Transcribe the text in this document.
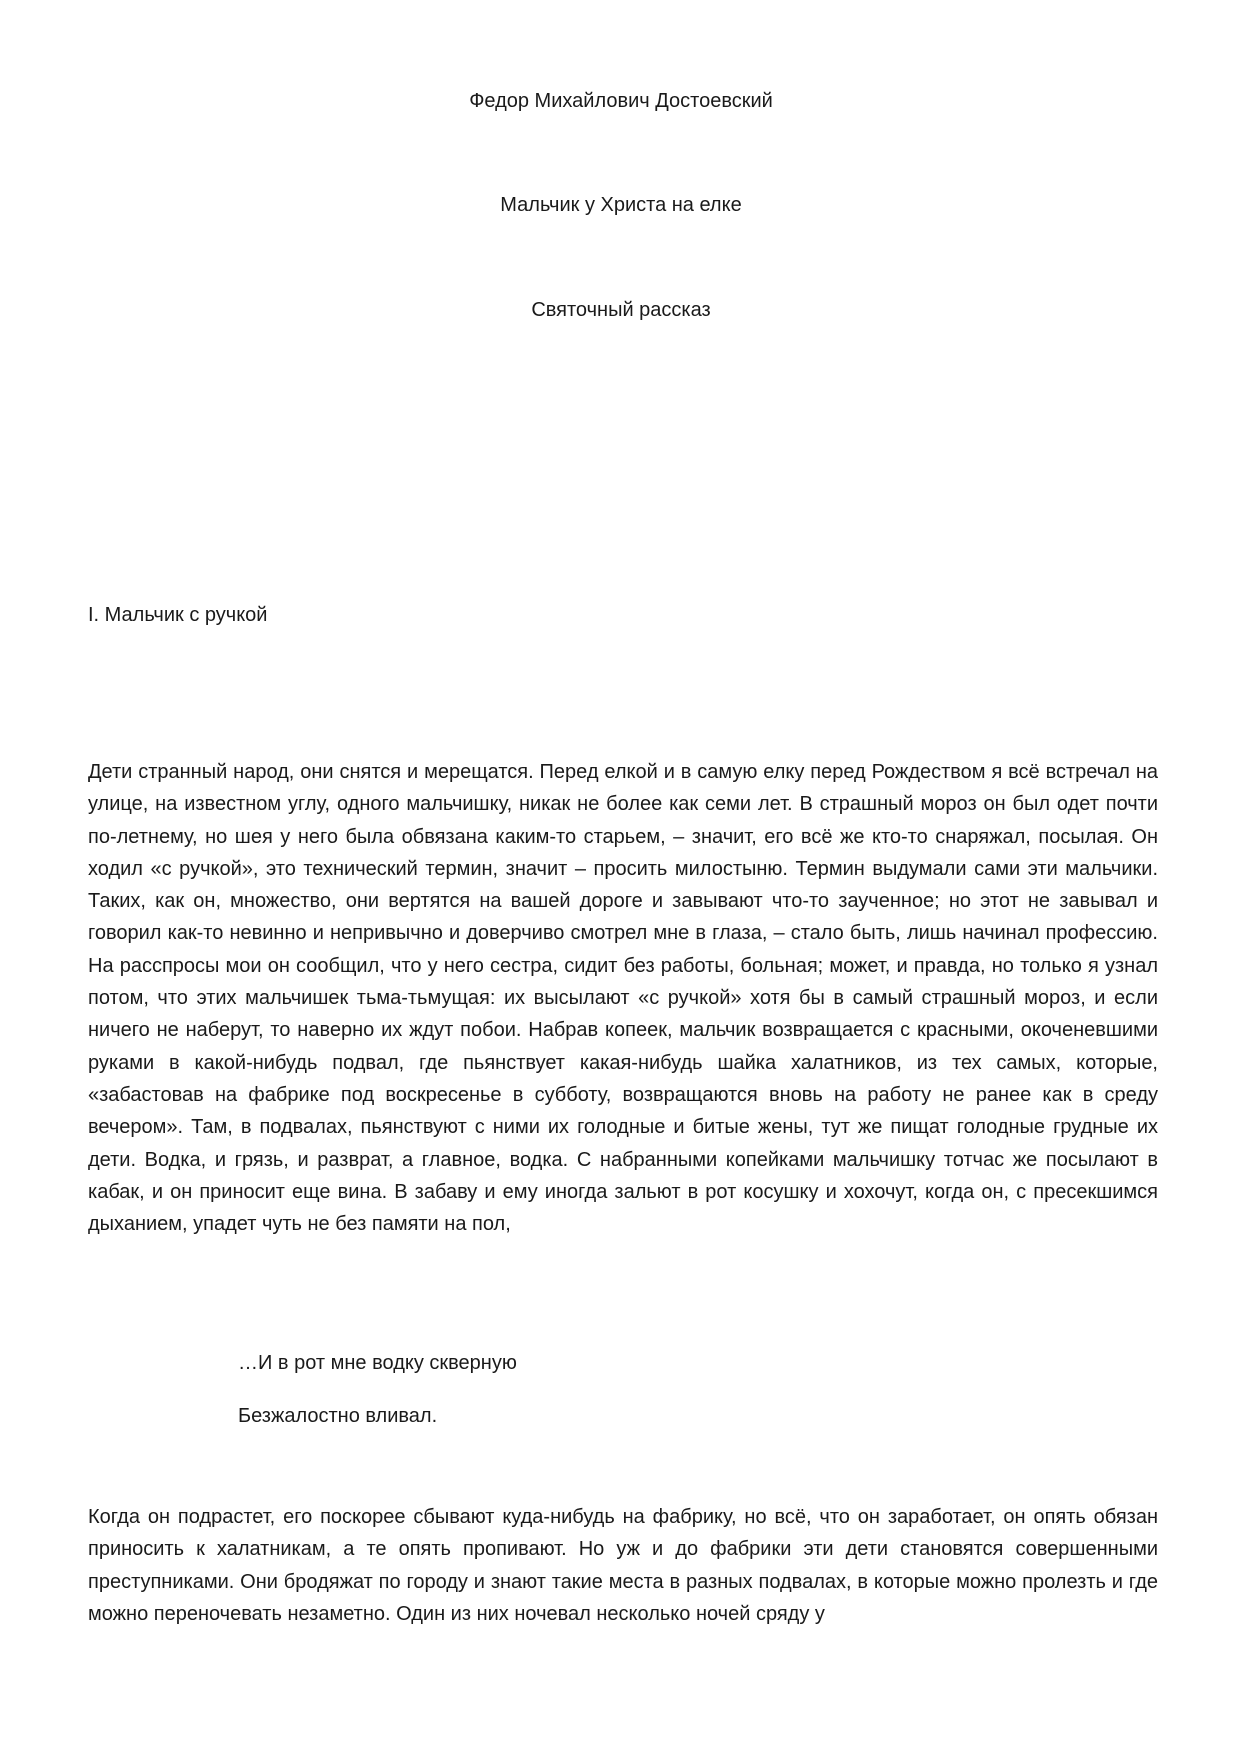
Федор Михайлович Достоевский
Мальчик у Христа на елке
Святочный рассказ
I. Мальчик с ручкой

Дети странный народ, они снятся и мерещатся. Перед елкой и в самую елку перед Рождеством я всё встречал на улице, на известном углу, одного мальчишку, никак не более как семи лет. В страшный мороз он был одет почти по-летнему, но шея у него была обвязана каким-то старьем, – значит, его всё же кто-то снаряжал, посылая. Он ходил «с ручкой», это технический термин, значит – просить милостыню. Термин выдумали сами эти мальчики. Таких, как он, множество, они вертятся на вашей дороге и завывают что-то заученное; но этот не завывал и говорил как-то невинно и непривычно и доверчиво смотрел мне в глаза, – стало быть, лишь начинал профессию. На расспросы мои он сообщил, что у него сестра, сидит без работы, больная; может, и правда, но только я узнал потом, что этих мальчишек тьма-тьмущая: их высылают «с ручкой» хотя бы в самый страшный мороз, и если ничего не наберут, то наверно их ждут побои. Набрав копеек, мальчик возвращается с красными, окоченевшими руками в какой-нибудь подвал, где пьянствует какая-нибудь шайка халатников, из тех самых, которые, «забастовав на фабрике под воскресенье в субботу, возвращаются вновь на работу не ранее как в среду вечером». Там, в подвалах, пьянствуют с ними их голодные и битые жены, тут же пищат голодные грудные их дети. Водка, и грязь, и разврат, а главное, водка. С набранными копейками мальчишку тотчас же посылают в кабак, и он приносит еще вина. В забаву и ему иногда зальют в рот косушку и хохочут, когда он, с пресекшимся дыханием, упадет чуть не без памяти на пол,

…И в рот мне водку скверную
Безжалостно вливал.

Когда он подрастет, его поскорее сбывают куда-нибудь на фабрику, но всё, что он заработает, он опять обязан приносить к халатникам, а те опять пропивают. Но уж и до фабрики эти дети становятся совершенными преступниками. Они бродяжат по городу и знают такие места в разных подвалах, в которые можно пролезть и где можно переночевать незаметно. Один из них ночевал несколько ночей сряду у
